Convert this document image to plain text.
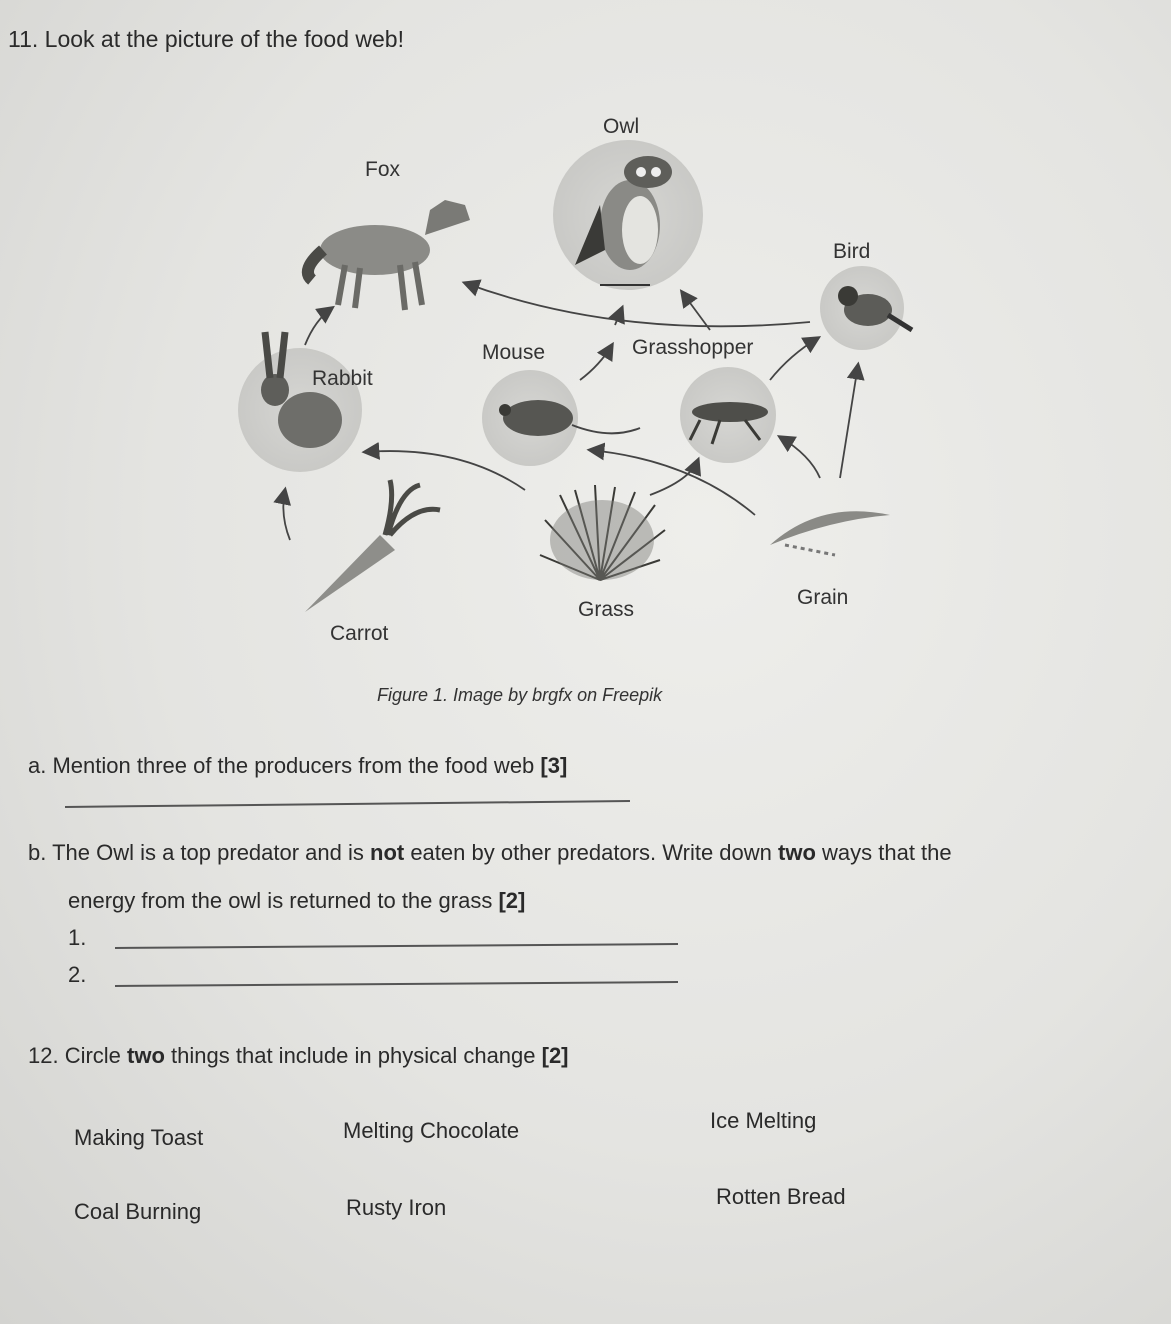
11. Look at the picture of the food web!
Owl
Fox
Bird
Mouse	Grasshopper
Rabbit
Carrot
Grass
Grain
Figure 1. Image by brgfx on Freepik
a. Mention three of the producers from the food web [3]
b. The Owl is a top predator and is not eaten by other predators. Write down two ways that the
energy from the owl is returned to the grass [2]
1.
2.
12. Circle two things that include in physical change [2]
Making Toast	Melting Chocolate	Ice Melting
Coal Burning	Rusty Iron	Rotten Bread
